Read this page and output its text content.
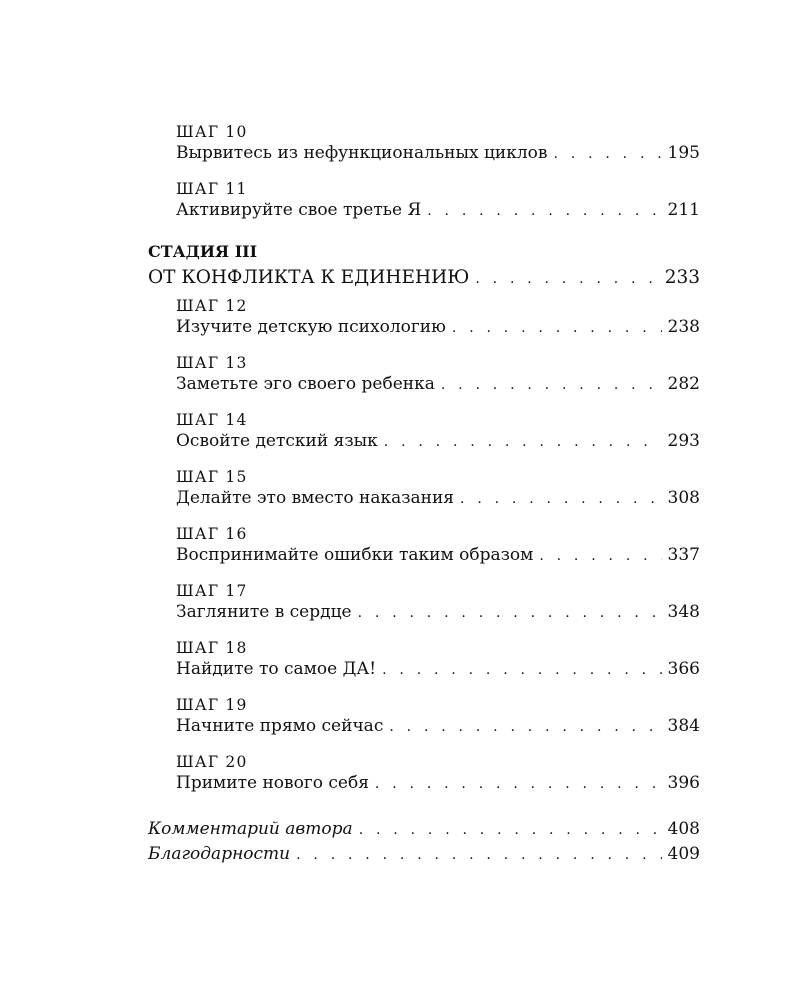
ШАГ 10
Вырвитесь из нефункциональных циклов . . .	195
ШАГ 11
Активируйте свое третье Я . . .	211
СТАДИЯ III
ОТ КОНФЛИКТА К ЕДИНЕНИЮ . . .	233
ШАГ 12
Изучите детскую психологию . . .	238
ШАГ 13
Заметьте эго своего ребенка . . .	282
ШАГ 14
Освойте детский язык . . .	293
ШАГ 15
Делайте это вместо наказания . . .	308
ШАГ 16
Воспринимайте ошибки таким образом . . .	337
ШАГ 17
Загляните в сердце . . .	348
ШАГ 18
Найдите то самое ДА! . . .	366
ШАГ 19
Начните прямо сейчас . . .	384
ШАГ 20
Примите нового себя . . .	396
Комментарий автора . . .	408
Благодарности . . .	409
